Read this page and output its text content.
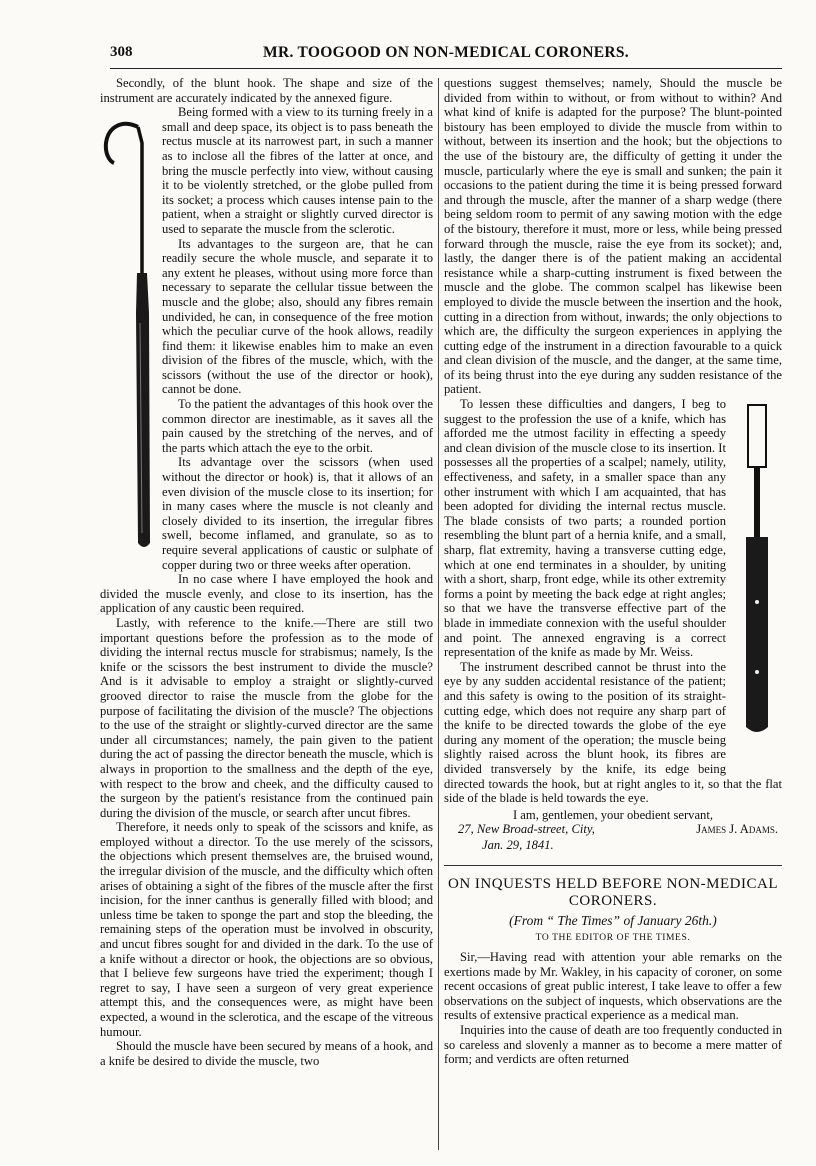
308	MR. TOOGOOD ON NON-MEDICAL CORONERS.

Secondly, of the blunt hook. The shape and size of the instrument are accurately indicated by the annexed figure.

Being formed with a view to its turning freely in a small and deep space, its object is to pass beneath the rectus muscle at its narrowest part, in such a manner as to inclose all the fibres of the latter at once, and bring the muscle perfectly into view, without causing it to be violently stretched, or the globe pulled from its socket; a process which causes intense pain to the patient, when a straight or slightly curved director is used to separate the muscle from the sclerotic.

Its advantages to the surgeon are, that he can readily secure the whole muscle, and separate it to any extent he pleases, without using more force than necessary to separate the cellular tissue between the muscle and the globe; also, should any fibres remain undivided, he can, in consequence of the free motion which the peculiar curve of the hook allows, readily find them: it likewise enables him to make an even division of the fibres of the muscle, which, with the scissors (without the use of the director or hook), cannot be done.

To the patient the advantages of this hook over the common director are inestimable, as it saves all the pain caused by the stretching of the nerves, and of the parts which attach the eye to the orbit.

Its advantage over the scissors (when used without the director or hook) is, that it allows of an even division of the muscle close to its insertion; for in many cases where the muscle is not cleanly and closely divided to its insertion, the irregular fibres swell, become inflamed, and granulate, so as to require several applications of caustic or sulphate of copper during two or three weeks after operation.

In no case where I have employed the hook and divided the muscle evenly, and close to its insertion, has the application of any caustic been required.

Lastly, with reference to the knife.—There are still two important questions before the profession as to the mode of dividing the internal rectus muscle for strabismus; namely, Is the knife or the scissors the best instrument to divide the muscle? And is it advisable to employ a straight or slightly-curved grooved director to raise the muscle from the globe for the purpose of facilitating the division of the muscle? The objections to the use of the straight or slightly-curved director are the same under all circumstances; namely, the pain given to the patient during the act of passing the director beneath the muscle, which is always in proportion to the smallness and the depth of the eye, with respect to the brow and cheek, and the difficulty caused to the surgeon by the patient's resistance from the continued pain during the division of the muscle, or search after uncut fibres.

Therefore, it needs only to speak of the scissors and knife, as employed without a director. To the use merely of the scissors, the objections which present themselves are, the bruised wound, the irregular division of the muscle, and the difficulty which often arises of obtaining a sight of the fibres of the muscle after the first incision, for the inner canthus is generally filled with blood; and unless time be taken to sponge the part and stop the bleeding, the remaining steps of the operation must be involved in obscurity, and uncut fibres sought for and divided in the dark. To the use of a knife without a director or hook, the objections are so obvious, that I believe few surgeons have tried the experiment; though I regret to say, I have seen a surgeon of very great experience attempt this, and the consequences were, as might have been expected, a wound in the sclerotica, and the escape of the vitreous humour.

Should the muscle have been secured by means of a hook, and a knife be desired to divide the muscle, two

questions suggest themselves; namely, Should the muscle be divided from within to without, or from without to within? And what kind of knife is adapted for the purpose? The blunt-pointed bistoury has been employed to divide the muscle from within to without, between its insertion and the hook; but the objections to the use of the bistoury are, the difficulty of getting it under the muscle, particularly where the eye is small and sunken; the pain it occasions to the patient during the time it is being pressed forward and through the muscle, after the manner of a sharp wedge (there being seldom room to permit of any sawing motion with the edge of the bistoury, therefore it must, more or less, while being pressed forward through the muscle, raise the eye from its socket); and, lastly, the danger there is of the patient making an accidental resistance while a sharp-cutting instrument is fixed between the muscle and the globe. The common scalpel has likewise been employed to divide the muscle between the insertion and the hook, cutting in a direction from without, inwards; the only objections to which are, the difficulty the surgeon experiences in applying the cutting edge of the instrument in a direction favourable to a quick and clean division of the muscle, and the danger, at the same time, of its being thrust into the eye during any sudden resistance of the patient.

To lessen these difficulties and dangers, I beg to suggest to the profession the use of a knife, which has afforded me the utmost facility in effecting a speedy and clean division of the muscle close to its insertion. It possesses all the properties of a scalpel; namely, utility, effectiveness, and safety, in a smaller space than any other instrument with which I am acquainted, that has been adopted for dividing the internal rectus muscle. The blade consists of two parts; a rounded portion resembling the blunt part of a hernia knife, and a small, sharp, flat extremity, having a transverse cutting edge, which at one end terminates in a shoulder, by uniting with a short, sharp, front edge, while its other extremity forms a point by meeting the back edge at right angles; so that we have the transverse effective part of the blade in immediate connexion with the useful shoulder and point. The annexed engraving is a correct representation of the knife as made by Mr. Weiss.

The instrument described cannot be thrust into the eye by any sudden accidental resistance of the patient; and this safety is owing to the position of its straight-cutting edge, which does not require any sharp part of the knife to be directed towards the globe of the eye during any moment of the operation; the muscle being slightly raised across the blunt hook, its fibres are divided transversely by the knife, its edge being directed towards the hook, but at right angles to it, so that the flat side of the blade is held towards the eye.

I am, gentlemen, your obedient servant,

27, New Broad-street, City,	James J. Adams.

Jan. 29, 1841.

ON INQUESTS HELD BEFORE NON-MEDICAL CORONERS.

(From “ The Times” of January 26th.)

TO THE EDITOR OF THE TIMES.

Sir,—Having read with attention your able remarks on the exertions made by Mr. Wakley, in his capacity of coroner, on some recent occasions of great public interest, I take leave to offer a few observations on the subject of inquests, which observations are the results of extensive practical experience as a medical man.

Inquiries into the cause of death are too frequently conducted in so careless and slovenly a manner as to become a mere matter of form; and verdicts are often returned
